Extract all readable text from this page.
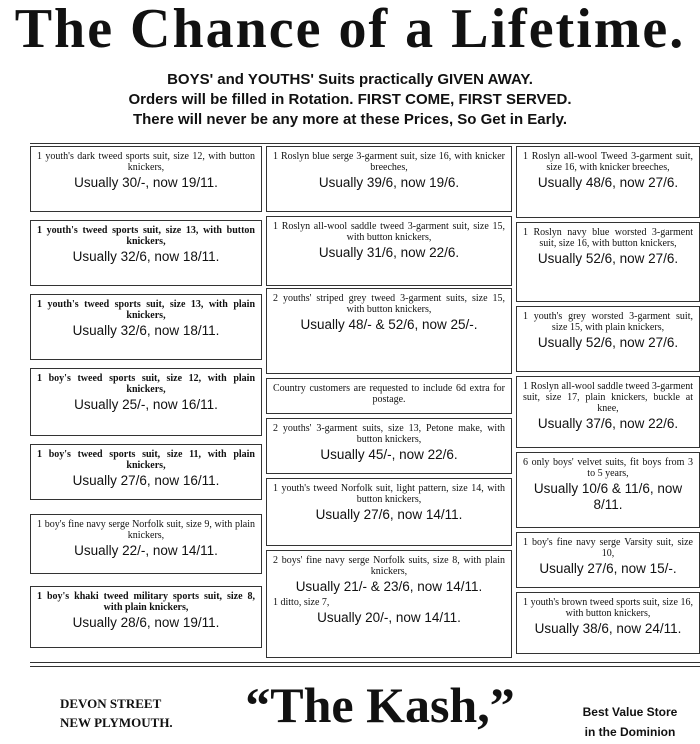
The Chance of a Lifetime.
BOYS' and YOUTHS' Suits practically GIVEN AWAY.
Orders will be filled in Rotation. FIRST COME, FIRST SERVED.
There will never be any more at these Prices, So Get in Early.
1 youth's dark tweed sports suit, size 12, with button knickers,
Usually 30/-, now 19/11.
1 youth's tweed sports suit, size 13, with button knickers,
Usually 32/6, now 18/11.
1 youth's tweed sports suit, size 13, with plain knickers,
Usually 32/6, now 18/11.
1 boy's tweed sports suit, size 12, with plain knickers,
Usually 25/-, now 16/11.
1 boy's tweed sports suit, size 11, with plain knickers,
Usually 27/6, now 16/11.
1 boy's fine navy serge Norfolk suit, size 9, with plain knickers,
Usually 22/-, now 14/11.
1 boy's khaki tweed military sports suit, size 8, with plain knickers,
Usually 28/6, now 19/11.
1 Roslyn blue serge 3-garment suit, size 16, with knicker breeches,
Usually 39/6, now 19/6.
1 Roslyn all-wool saddle tweed 3-garment suit, size 15, with button knickers,
Usually 31/6, now 22/6.
2 youths' striped grey tweed 3-garment suits, size 15, with button knickers,
Usually 48/- & 52/6, now 25/-.
Country customers are requested to include 6d extra for postage.
2 youths' 3-garment suits, size 13, Petone make, with button knickers,
Usually 45/-, now 22/6.
1 youth's tweed Norfolk suit, light pattern, size 14, with button knickers,
Usually 27/6, now 14/11.
2 boys' fine navy serge Norfolk suits, size 8, with plain knickers,
Usually 21/- & 23/6, now 14/11.
1 ditto, size 7,
Usually 20/-, now 14/11.
1 Roslyn all-wool Tweed 3-garment suit, size 16, with knicker breeches,
Usually 48/6, now 27/6.
1 Roslyn navy blue worsted 3-garment suit, size 16, with button knickers,
Usually 52/6, now 27/6.
1 youth's grey worsted 3-garment suit, size 15, with plain knickers,
Usually 52/6, now 27/6.
1 Roslyn all-wool saddle tweed 3-garment suit, size 17, plain knickers, buckle at knee,
Usually 37/6, now 22/6.
6 only boys' velvet suits, fit boys from 3 to 5 years,
Usually 10/6 & 11/6, now 8/11.
1 boy's fine navy serge Varsity suit, size 10,
Usually 27/6, now 15/-.
1 youth's brown tweed sports suit, size 16, with button knickers,
Usually 38/6, now 24/11.
DEVON STREET
NEW PLYMOUTH.	“The Kash,”	Best Value Store
in the Dominion
